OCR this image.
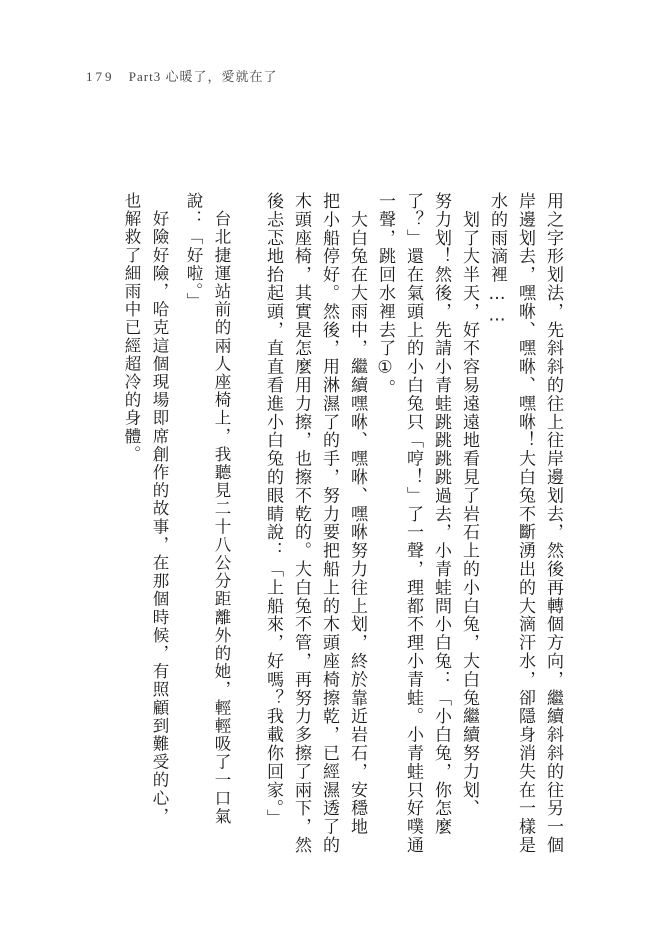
179 Part3 心暖了，愛就在了
用之字形划法，先斜斜的往上往岸邊划去，然後再轉個方向，繼續斜斜的往另一個
岸邊划去，嘿咻、嘿咻、嘿咻！大白兔不斷湧出的大滴汗水，卻隱身消失在一樣是
水的雨滴裡……
　划了大半天，好不容易遠遠地看見了岩石上的小白兔，大白兔繼續努力划、
努力划！然後，先請小青蛙跳跳跳跳過去，小青蛙問小白兔：「小白兔，你怎麼
了？」還在氣頭上的小白兔只「哼！」了一聲，理都不理小青蛙。小青蛙只好噗通
一聲，跳回水裡去了①。
　大白兔在大雨中，繼續嘿咻、嘿咻、嘿咻努力往上划，終於靠近岩石，安穩地
把小船停好。然後，用淋濕了的手，努力要把船上的木頭座椅擦乾，已經濕透了的
木頭座椅，其實是怎麼用力擦，也擦不乾的。大白兔不管，再努力多擦了兩下，然
後忐忑地抬起頭，直直看進小白兔的眼睛說：「上船來，好嗎？我載你回家。」
　台北捷運站前的兩人座椅上，我聽見二十八公分距離外的她，輕輕吸了一口氣
說：「好啦。」
　好險好險，哈克這個現場即席創作的故事，在那個時候，有照顧到難受的心，
也解救了細雨中已經超冷的身體。
